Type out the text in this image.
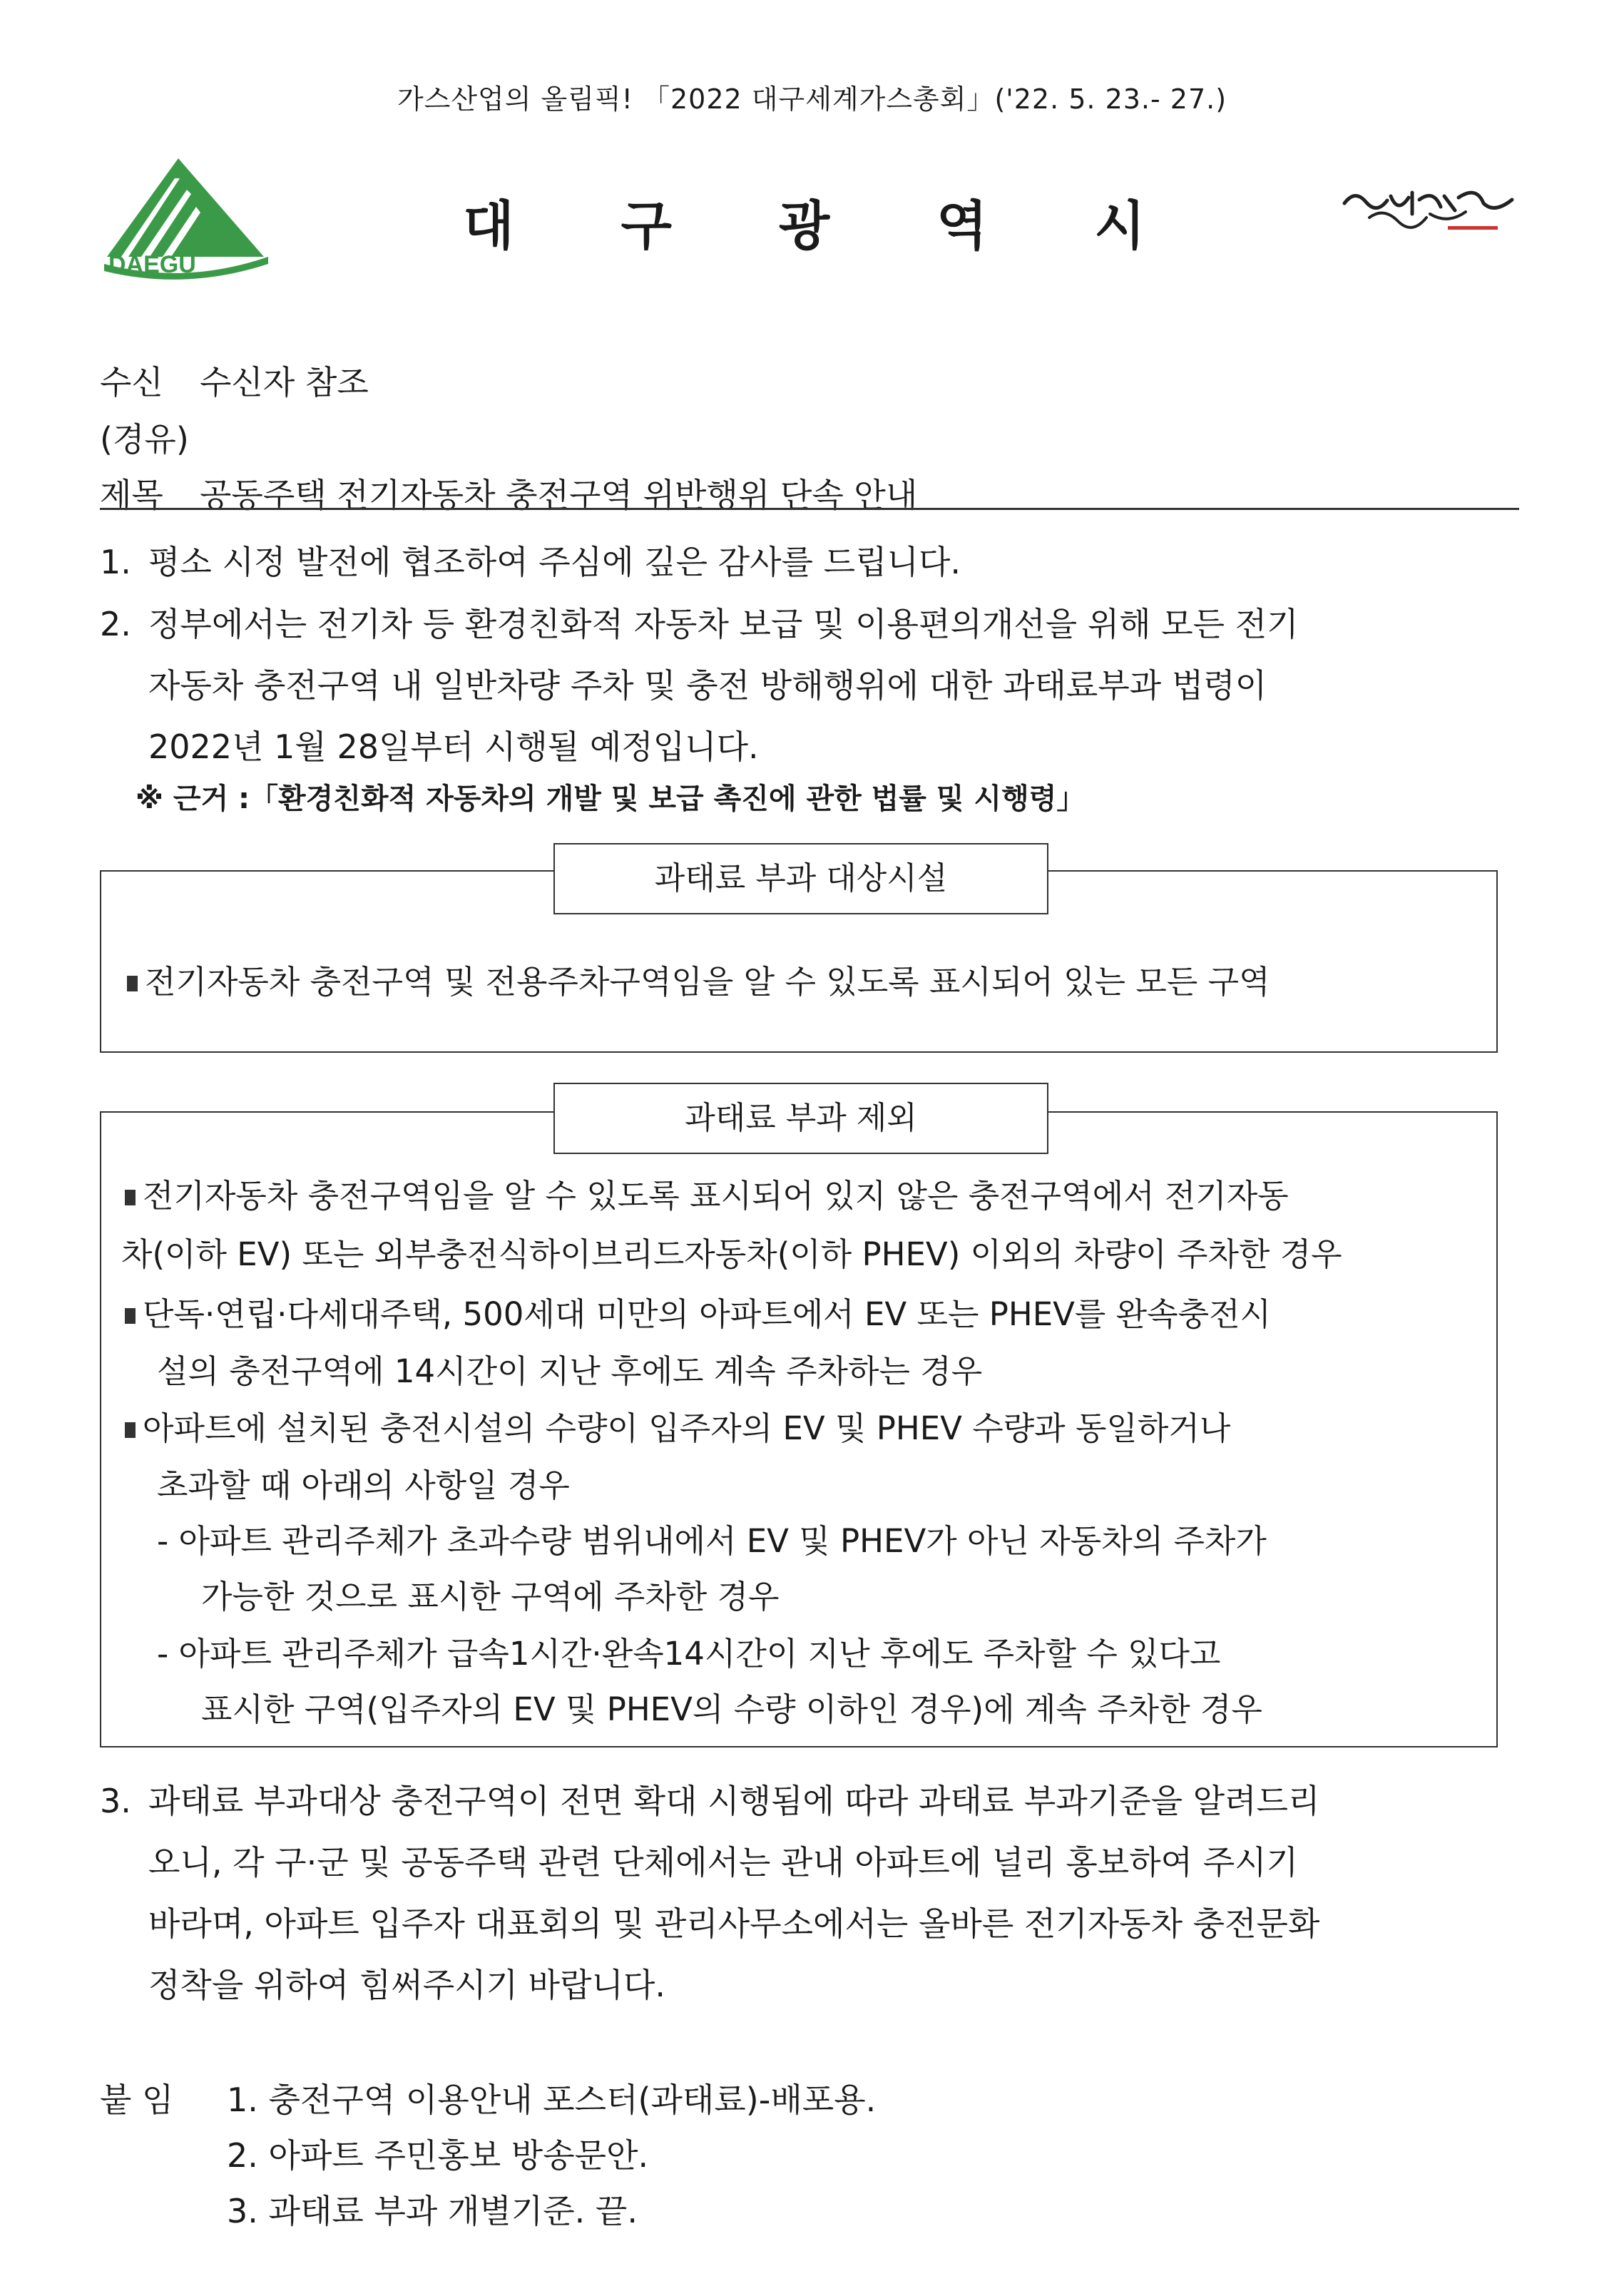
가스산업의 올림픽! 「2022 대구세계가스총회」('22. 5. 23.- 27.)
DAEGU
대 구 광 역 시
수신 수신자 참조
(경유)
제목 공동주택 전기자동차 충전구역 위반행위 단속 안내
1. 평소 시정 발전에 협조하여 주심에 깊은 감사를 드립니다.
2. 정부에서는 전기차 등 환경친화적 자동차 보급 및 이용편의개선을 위해 모든 전기
자동차 충전구역 내 일반차량 주차 및 충전 방해행위에 대한 과태료부과 법령이
2022년 1월 28일부터 시행될 예정입니다.
※ 근거 :「환경친화적 자동차의 개발 및 보급 촉진에 관한 법률 및 시행령」
과태료 부과 대상시설
전기자동차 충전구역 및 전용주차구역임을 알 수 있도록 표시되어 있는 모든 구역
과태료 부과 제외
전기자동차 충전구역임을 알 수 있도록 표시되어 있지 않은 충전구역에서 전기자동
차(이하 EV) 또는 외부충전식하이브리드자동차(이하 PHEV) 이외의 차량이 주차한 경우
단독·연립·다세대주택, 500세대 미만의 아파트에서 EV 또는 PHEV를 완속충전시
설의 충전구역에 14시간이 지난 후에도 계속 주차하는 경우
아파트에 설치된 충전시설의 수량이 입주자의 EV 및 PHEV 수량과 동일하거나
초과할 때 아래의 사항일 경우
- 아파트 관리주체가 초과수량 범위내에서 EV 및 PHEV가 아닌 자동차의 주차가
가능한 것으로 표시한 구역에 주차한 경우
- 아파트 관리주체가 급속1시간·완속14시간이 지난 후에도 주차할 수 있다고
표시한 구역(입주자의 EV 및 PHEV의 수량 이하인 경우)에 계속 주차한 경우
3. 과태료 부과대상 충전구역이 전면 확대 시행됨에 따라 과태료 부과기준을 알려드리
오니, 각 구·군 및 공동주택 관련 단체에서는 관내 아파트에 널리 홍보하여 주시기
바라며, 아파트 입주자 대표회의 및 관리사무소에서는 올바른 전기자동차 충전문화
정착을 위하여 힘써주시기 바랍니다.
붙 임 1. 충전구역 이용안내 포스터(과태료)-배포용.
2. 아파트 주민홍보 방송문안.
3. 과태료 부과 개별기준. 끝.
